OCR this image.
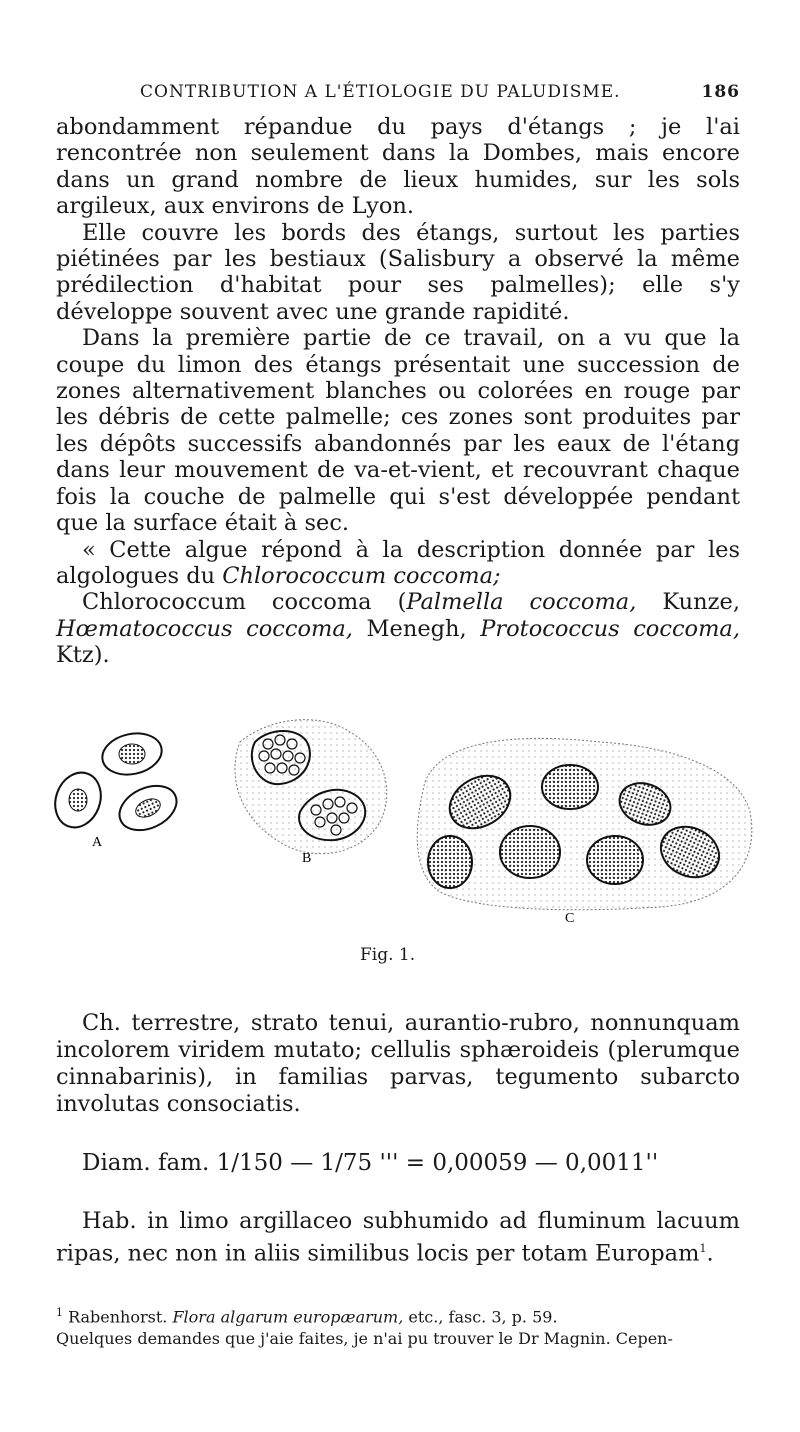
CONTRIBUTION A L'ÉTIOLOGIE DU PALUDISME.	186

abondamment répandue du pays d'étangs ; je l'ai rencontrée non seulement dans la Dombes, mais encore dans un grand nombre de lieux humides, sur les sols argileux, aux environs de Lyon.

Elle couvre les bords des étangs, surtout les parties piétinées par les bestiaux (Salisbury a observé la même prédilection d'habitat pour ses palmelles); elle s'y développe souvent avec une grande rapidité.

Dans la première partie de ce travail, on a vu que la coupe du limon des étangs présentait une succession de zones alternativement blanches ou colorées en rouge par les débris de cette palmelle; ces zones sont produites par les dépôts successifs abandonnés par les eaux de l'étang dans leur mouvement de va-et-vient, et recouvrant chaque fois la couche de palmelle qui s'est développée pendant que la surface était à sec.

« Cette algue répond à la description donnée par les algologues du Chlorococcum coccoma;

Chlorococcum coccoma (Palmella coccoma, Kunze, Hœmatococcus coccoma, Menegh, Protococcus coccoma, Ktz).

A
B
C
Fig. 1.

Ch. terrestre, strato tenui, aurantio-rubro, nonnunquam incolorem viridem mutato; cellulis sphæroideis (plerumque cinnabarinis), in familias parvas, tegumento subarcto involutas consociatis.

Diam. fam. 1/150 — 1/75 ''' = 0,00059 — 0,0011''

Hab. in limo argillaceo subhumido ad fluminum lacuum ripas, nec non in aliis similibus locis per totam Europam$^1$.

$^1$ Rabenhorst. Flora algarum europæarum, etc., fasc. 3, p. 59.

Quelques demandes que j'aie faites, je n'ai pu trouver le Dr Magnin. Cepen-
